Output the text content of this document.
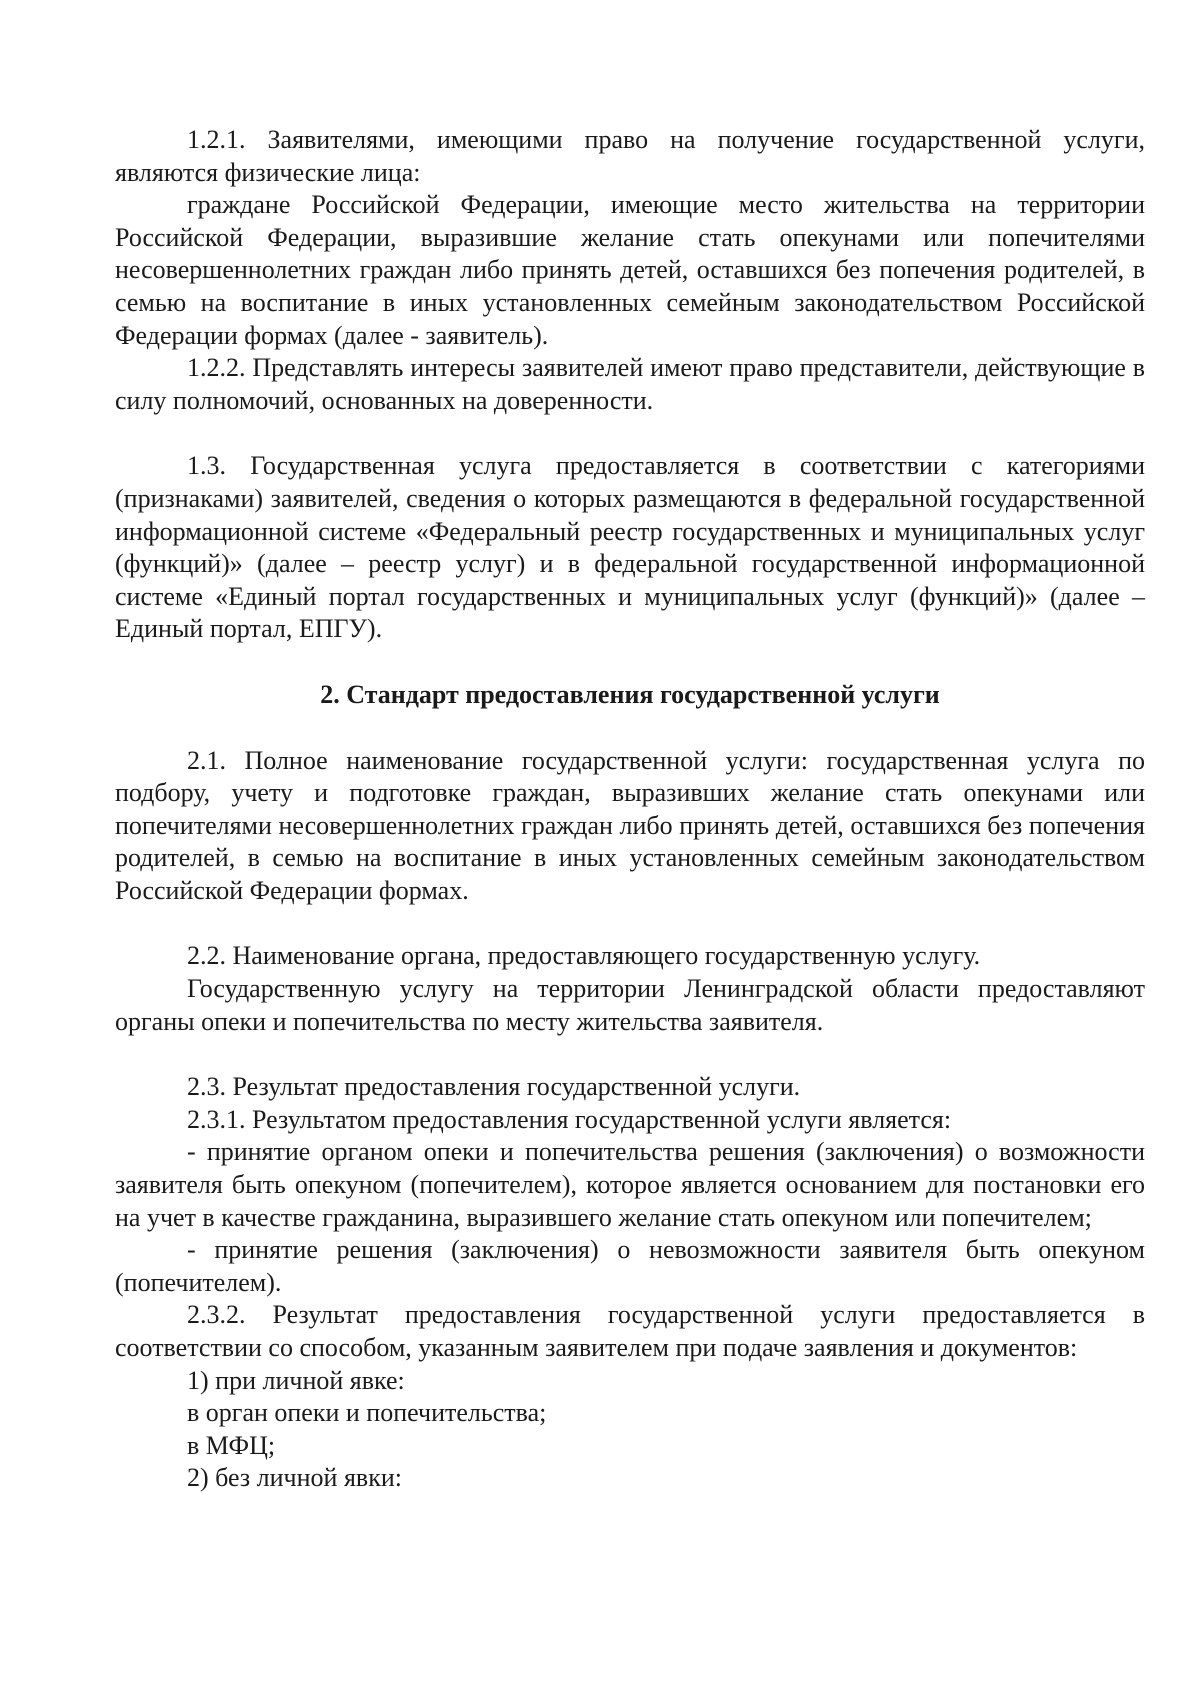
1.2.1. Заявителями, имеющими право на получение государственной услуги, являются физические лица:

граждане Российской Федерации, имеющие место жительства на территории Российской Федерации, выразившие желание стать опекунами или попечителями несовершеннолетних граждан либо принять детей, оставшихся без попечения родителей, в семью на воспитание в иных установленных семейным законодательством Российской Федерации формах (далее - заявитель).

1.2.2. Представлять интересы заявителей имеют право представители, действующие в силу полномочий, основанных на доверенности.

1.3. Государственная услуга предоставляется в соответствии с категориями (признаками) заявителей, сведения о которых размещаются в федеральной государственной информационной системе «Федеральный реестр государственных и муниципальных услуг (функций)» (далее – реестр услуг) и в федеральной государственной информационной системе «Единый портал государственных и муниципальных услуг (функций)» (далее – Единый портал, ЕПГУ).

2. Стандарт предоставления государственной услуги

2.1. Полное наименование государственной услуги: государственная услуга по подбору, учету и подготовке граждан, выразивших желание стать опекунами или попечителями несовершеннолетних граждан либо принять детей, оставшихся без попечения родителей, в семью на воспитание в иных установленных семейным законодательством Российской Федерации формах.

2.2. Наименование органа, предоставляющего государственную услугу.

Государственную услугу на территории Ленинградской области предоставляют органы опеки и попечительства по месту жительства заявителя.

2.3. Результат предоставления государственной услуги.

2.3.1. Результатом предоставления государственной услуги является:

- принятие органом опеки и попечительства решения (заключения) о возможности заявителя быть опекуном (попечителем), которое является основанием для постановки его на учет в качестве гражданина, выразившего желание стать опекуном или попечителем;

- принятие решения (заключения) о невозможности заявителя быть опекуном (попечителем).

2.3.2. Результат предоставления государственной услуги предоставляется в соответствии со способом, указанным заявителем при подаче заявления и документов:

1) при личной явке:

в орган опеки и попечительства;

в МФЦ;

2) без личной явки:
